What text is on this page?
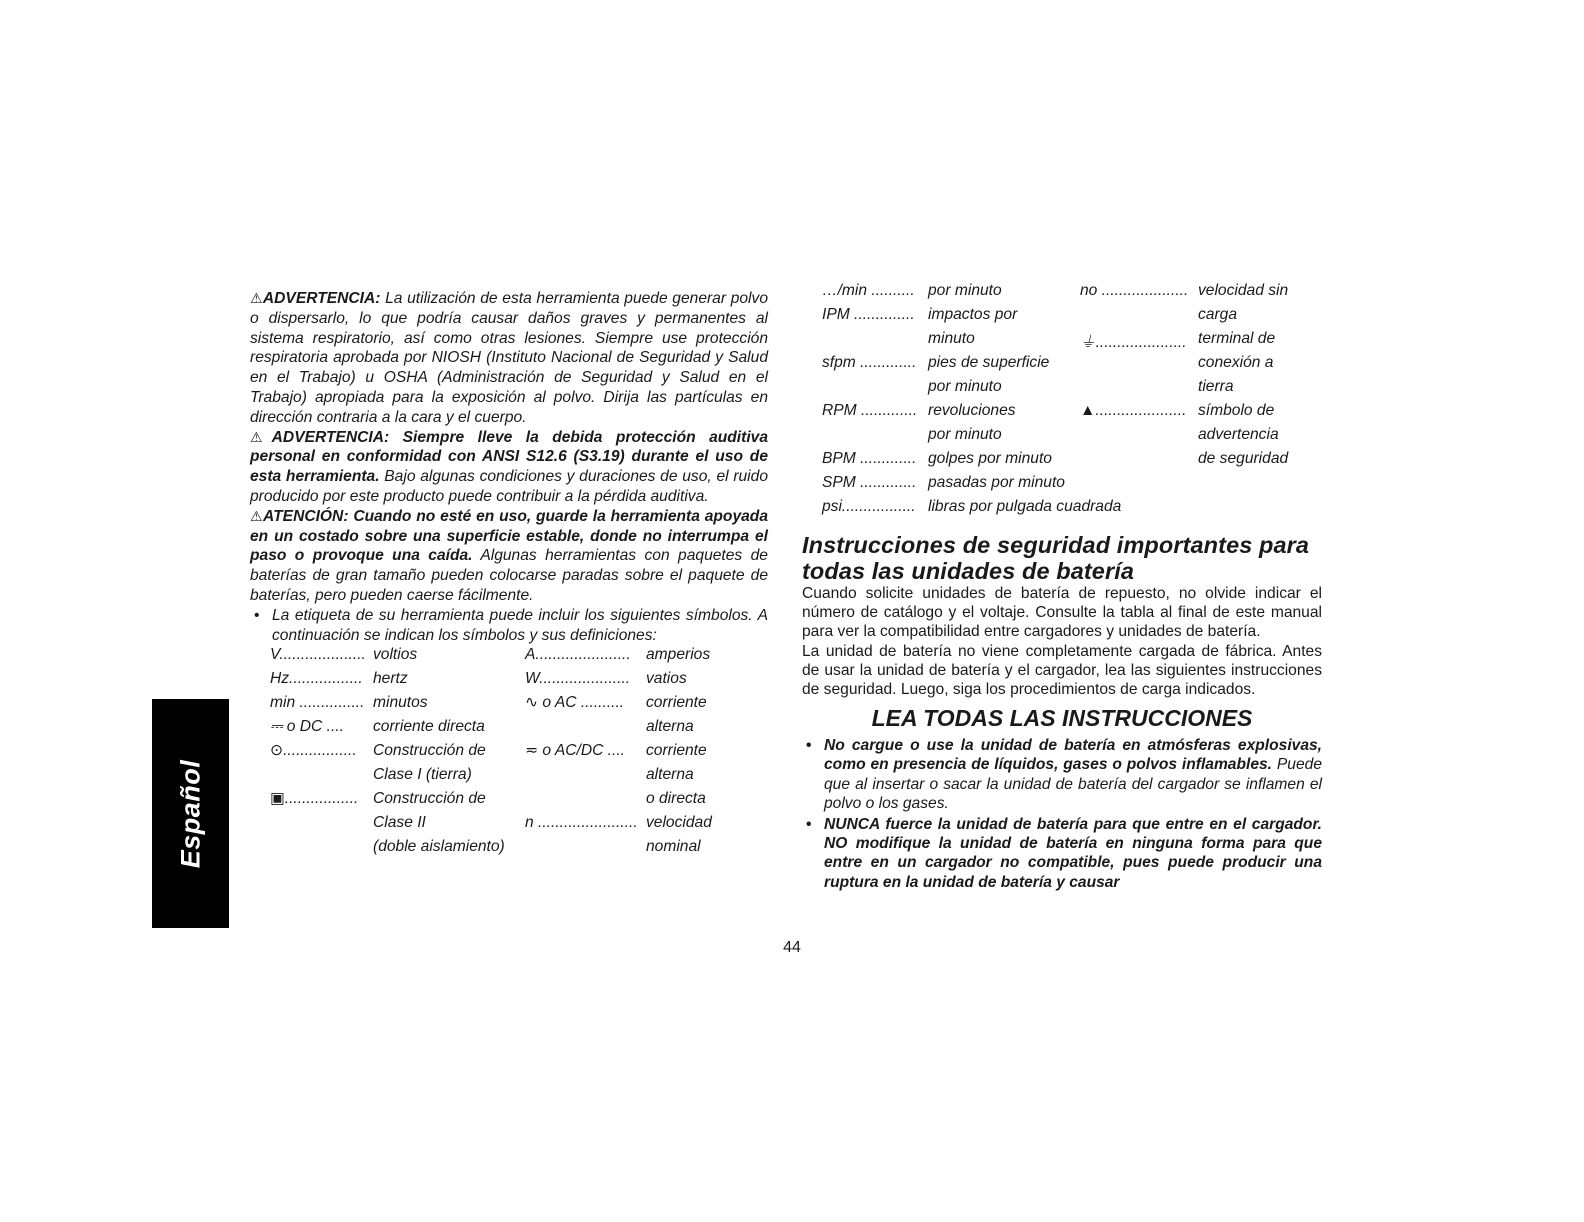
Español

⚠ADVERTENCIA: La utilización de esta herramienta puede generar polvo o dispersarlo, lo que podría causar daños graves y permanentes al sistema respiratorio, así como otras lesiones. Siempre use protección respiratoria aprobada por NIOSH (Instituto Nacional de Seguridad y Salud en el Trabajo) u OSHA (Administración de Seguridad y Salud en el Trabajo) apropiada para la exposición al polvo. Dirija las partículas en dirección contraria a la cara y el cuerpo.

⚠ADVERTENCIA: Siempre lleve la debida protección auditiva personal en conformidad con ANSI S12.6 (S3.19) durante el uso de esta herramienta. Bajo algunas condiciones y duraciones de uso, el ruido producido por este producto puede contribuir a la pérdida auditiva.

⚠ATENCIÓN: Cuando no esté en uso, guarde la herramienta apoyada en un costado sobre una superficie estable, donde no interrumpa el paso o provoque una caída. Algunas herramientas con paquetes de baterías de gran tamaño pueden colocarse paradas sobre el paquete de baterías, pero pueden caerse fácilmente.

• La etiqueta de su herramienta puede incluir los siguientes símbolos. A continuación se indican los símbolos y sus definiciones:

V.................... voltios	A...................... amperios
Hz................. hertz	W..................... vatios
min ............... minutos	∿ o AC .......... corriente
⎓ o DC .... corriente directa	alterna
⊙................. Construcción de	≂ o AC/DC .... corriente
Clase I (tierra)	alterna
▣................. Construcción de	o directa
Clase II	n ....................... velocidad
(doble aislamiento)	nominal
…/min .......... por minuto	no .................... velocidad sin
IPM .............. impactos por	carga
minuto	⏚..................... terminal de
sfpm ............. pies de superficie	conexión a
por minuto	tierra
RPM ............. revoluciones	▲..................... símbolo de
por minuto	advertencia
BPM ............. golpes por minuto	de seguridad
SPM ............. pasadas por minuto
psi................. libras por pulgada cuadrada
Instrucciones de seguridad importantes para todas las unidades de batería

Cuando solicite unidades de batería de repuesto, no olvide indicar el número de catálogo y el voltaje. Consulte la tabla al final de este manual para ver la compatibilidad entre cargadores y unidades de batería.

La unidad de batería no viene completamente cargada de fábrica. Antes de usar la unidad de batería y el cargador, lea las siguientes instrucciones de seguridad. Luego, siga los procedimientos de carga indicados.

LEA TODAS LAS INSTRUCCIONES

• No cargue o use la unidad de batería en atmósferas explosivas, como en presencia de líquidos, gases o polvos inflamables. Puede que al insertar o sacar la unidad de batería del cargador se inflamen el polvo o los gases.

• NUNCA fuerce la unidad de batería para que entre en el cargador. NO modifique la unidad de batería en ninguna forma para que entre en un cargador no compatible, pues puede producir una ruptura en la unidad de batería y causar

44
